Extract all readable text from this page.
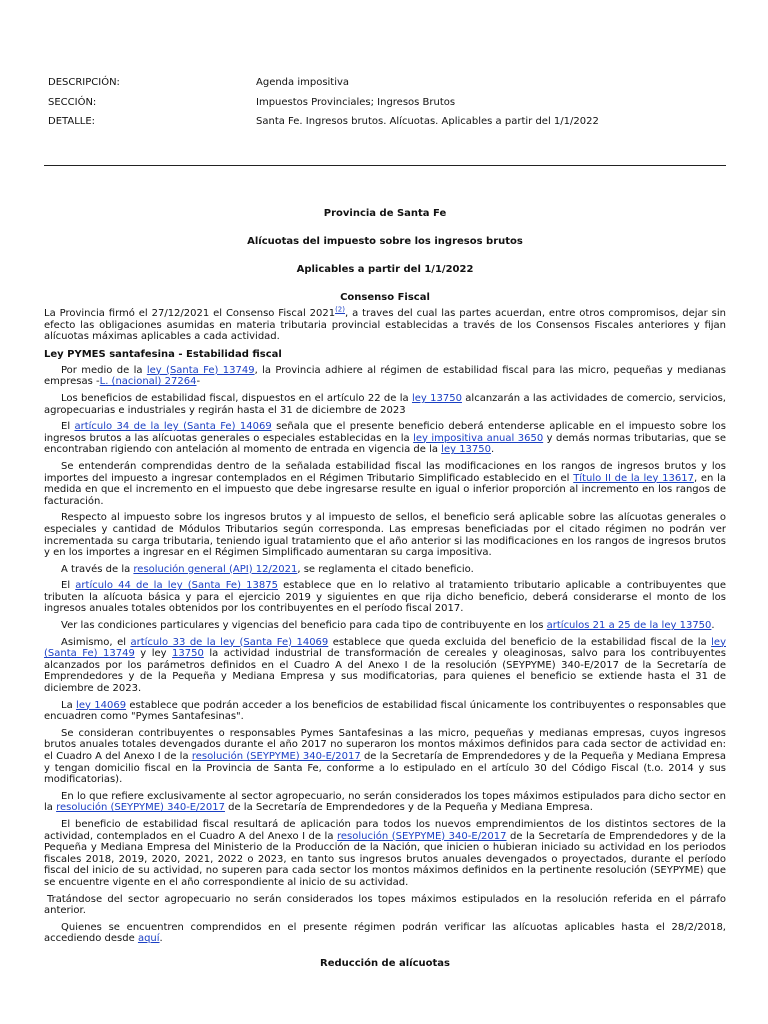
DESCRIPCIÓN:	Agenda impositiva
SECCIÓN:	Impuestos Provinciales; Ingresos Brutos
DETALLE:	Santa Fe. Ingresos brutos. Alícuotas. Aplicables a partir del 1/1/2022

Provincia de Santa Fe

Alícuotas del impuesto sobre los ingresos brutos

Aplicables a partir del 1/1/2022

Consenso Fiscal

La Provincia firmó el 27/12/2021 el Consenso Fiscal 2021$^{(2)}$, a traves del cual las partes acuerdan, entre otros compromisos, dejar sin efecto las obligaciones asumidas en materia tributaria provincial establecidas a través de los Consensos Fiscales anteriores y fijan alícuotas máximas aplicables a cada actividad.

Ley PYMES santafesina - Estabilidad fiscal

Por medio de la ley (Santa Fe) 13749, la Provincia adhiere al régimen de estabilidad fiscal para las micro, pequeñas y medianas empresas -L. (nacional) 27264-

Los beneficios de estabilidad fiscal, dispuestos en el artículo 22 de la ley 13750 alcanzarán a las actividades de comercio, servicios, agropecuarias e industriales y regirán hasta el 31 de diciembre de 2023

El artículo 34 de la ley (Santa Fe) 14069 señala que el presente beneficio deberá entenderse aplicable en el impuesto sobre los ingresos brutos a las alícuotas generales o especiales establecidas en la ley impositiva anual 3650 y demás normas tributarias, que se encontraban rigiendo con antelación al momento de entrada en vigencia de la ley 13750.

Se entenderán comprendidas dentro de la señalada estabilidad fiscal las modificaciones en los rangos de ingresos brutos y los importes del impuesto a ingresar contemplados en el Régimen Tributario Simplificado establecido en el Título II de la ley 13617, en la medida en que el incremento en el impuesto que debe ingresarse resulte en igual o inferior proporción al incremento en los rangos de facturación.

Respecto al impuesto sobre los ingresos brutos y al impuesto de sellos, el beneficio será aplicable sobre las alícuotas generales o especiales y cantidad de Módulos Tributarios según corresponda. Las empresas beneficiadas por el citado régimen no podrán ver incrementada su carga tributaria, teniendo igual tratamiento que el año anterior si las modificaciones en los rangos de ingresos brutos y en los importes a ingresar en el Régimen Simplificado aumentaran su carga impositiva.

A través de la resolución general (API) 12/2021, se reglamenta el citado beneficio.

El artículo 44 de la ley (Santa Fe) 13875 establece que en lo relativo al tratamiento tributario aplicable a contribuyentes que tributen la alícuota básica y para el ejercicio 2019 y siguientes en que rija dicho beneficio, deberá considerarse el monto de los ingresos anuales totales obtenidos por los contribuyentes en el período fiscal 2017.

Ver las condiciones particulares y vigencias del beneficio para cada tipo de contribuyente en los artículos 21 a 25 de la ley 13750.

Asimismo, el artículo 33 de la ley (Santa Fe) 14069 establece que queda excluida del beneficio de la estabilidad fiscal de la ley (Santa Fe) 13749 y ley 13750 la actividad industrial de transformación de cereales y oleaginosas, salvo para los contribuyentes alcanzados por los parámetros definidos en el Cuadro A del Anexo I de la resolución (SEYPYME) 340-E/2017 de la Secretaría de Emprendedores y de la Pequeña y Mediana Empresa y sus modificatorias, para quienes el beneficio se extiende hasta el 31 de diciembre de 2023.

La ley 14069 establece que podrán acceder a los beneficios de estabilidad fiscal únicamente los contribuyentes o responsables que encuadren como "Pymes Santafesinas".

Se consideran contribuyentes o responsables Pymes Santafesinas a las micro, pequeñas y medianas empresas, cuyos ingresos brutos anuales totales devengados durante el año 2017 no superaron los montos máximos definidos para cada sector de actividad en: el Cuadro A del Anexo I de la resolución (SEYPYME) 340-E/2017 de la Secretaría de Emprendedores y de la Pequeña y Mediana Empresa y tengan domicilio fiscal en la Provincia de Santa Fe, conforme a lo estipulado en el artículo 30 del Código Fiscal (t.o. 2014 y sus modificatorias).

En lo que refiere exclusivamente al sector agropecuario, no serán considerados los topes máximos estipulados para dicho sector en la resolución (SEYPYME) 340-E/2017 de la Secretaría de Emprendedores y de la Pequeña y Mediana Empresa.

El beneficio de estabilidad fiscal resultará de aplicación para todos los nuevos emprendimientos de los distintos sectores de la actividad, contemplados en el Cuadro A del Anexo I de la resolución (SEYPYME) 340-E/2017 de la Secretaría de Emprendedores y de la Pequeña y Mediana Empresa del Ministerio de la Producción de la Nación, que inicien o hubieran iniciado su actividad en los periodos fiscales 2018, 2019, 2020, 2021, 2022 o 2023, en tanto sus ingresos brutos anuales devengados o proyectados, durante el período fiscal del inicio de su actividad, no superen para cada sector los montos máximos definidos en la pertinente resolución (SEYPYME) que se encuentre vigente en el año correspondiente al inicio de su actividad.

Tratándose del sector agropecuario no serán considerados los topes máximos estipulados en la resolución referida en el párrafo anterior.

Quienes se encuentren comprendidos en el presente régimen podrán verificar las alícuotas aplicables hasta el 28/2/2018, accediendo desde aquí.

Reducción de alícuotas
